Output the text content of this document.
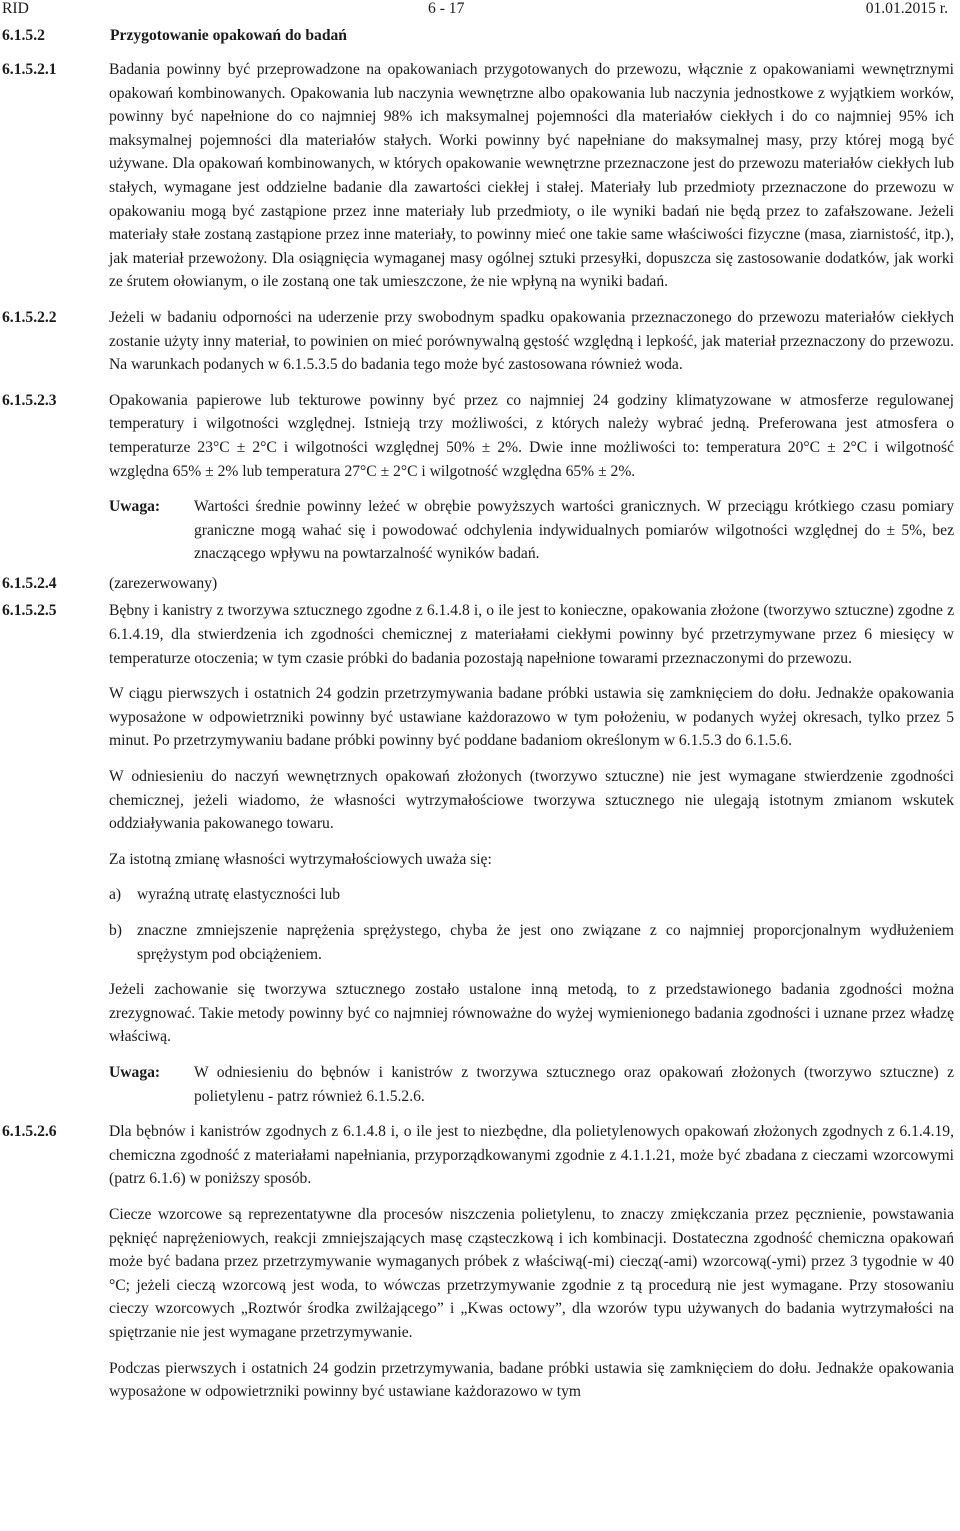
RID	6 - 17	01.01.2015 r.
6.1.5.2	Przygotowanie opakowań do badań
6.1.5.2.1	Badania powinny być przeprowadzone na opakowaniach przygotowanych do przewozu, włącznie z opakowaniami wewnętrznymi opakowań kombinowanych. Opakowania lub naczynia wewnętrzne albo opakowania lub naczynia jednostkowe z wyjątkiem worków, powinny być napełnione do co najmniej 98% ich maksymalnej pojemności dla materiałów ciekłych i do co najmniej 95% ich maksymalnej pojemności dla materiałów stałych. Worki powinny być napełniane do maksymalnej masy, przy której mogą być używane. Dla opakowań kombinowanych, w których opakowanie wewnętrzne przeznaczone jest do przewozu materiałów ciekłych lub stałych, wymagane jest oddzielne badanie dla zawartości ciekłej i stałej. Materiały lub przedmioty przeznaczone do przewozu w opakowaniu mogą być zastąpione przez inne materiały lub przedmioty, o ile wyniki badań nie będą przez to zafałszowane. Jeżeli materiały stałe zostaną zastąpione przez inne materiały, to powinny mieć one takie same właściwości fizyczne (masa, ziarnistość, itp.), jak materiał przewożony. Dla osiągnięcia wymaganej masy ogólnej sztuki przesyłki, dopuszcza się zastosowanie dodatków, jak worki ze śrutem ołowianym, o ile zostaną one tak umieszczone, że nie wpłyną na wyniki badań.

6.1.5.2.2	Jeżeli w badaniu odporności na uderzenie przy swobodnym spadku opakowania przeznaczonego do przewozu materiałów ciekłych zostanie użyty inny materiał, to powinien on mieć porównywalną gęstość względną i lepkość, jak materiał przeznaczony do przewozu. Na warunkach podanych w 6.1.5.3.5 do badania tego może być zastosowana również woda.

6.1.5.2.3	Opakowania papierowe lub tekturowe powinny być przez co najmniej 24 godziny klimatyzowane w atmosferze regulowanej temperatury i wilgotności względnej. Istnieją trzy możliwości, z których należy wybrać jedną. Preferowana jest atmosfera o temperaturze 23°C ± 2°C i wilgotności względnej 50% ± 2%. Dwie inne możliwości to: temperatura 20°C ± 2°C i wilgotność względna 65% ± 2% lub temperatura 27°C ± 2°C i wilgotność względna 65% ± 2%.

Uwaga:	Wartości średnie powinny leżeć w obrębie powyższych wartości granicznych. W przeciągu krótkiego czasu pomiary graniczne mogą wahać się i powodować odchylenia indywidualnych pomiarów wilgotności względnej do ± 5%, bez znaczącego wpływu na powtarzalność wyników badań.
6.1.5.2.4	(zarezerwowany)

6.1.5.2.5	Bębny i kanistry z tworzywa sztucznego zgodne z 6.1.4.8 i, o ile jest to konieczne, opakowania złożone (tworzywo sztuczne) zgodne z 6.1.4.19, dla stwierdzenia ich zgodności chemicznej z materiałami ciekłymi powinny być przetrzymywane przez 6 miesięcy w temperaturze otoczenia; w tym czasie próbki do badania pozostają napełnione towarami przeznaczonymi do przewozu.

W ciągu pierwszych i ostatnich 24 godzin przetrzymywania badane próbki ustawia się zamknięciem do dołu. Jednakże opakowania wyposażone w odpowietrzniki powinny być ustawiane każdorazowo w tym położeniu, w podanych wyżej okresach, tylko przez 5 minut. Po przetrzymywaniu badane próbki powinny być poddane badaniom określonym w 6.1.5.3 do 6.1.5.6.

W odniesieniu do naczyń wewnętrznych opakowań złożonych (tworzywo sztuczne) nie jest wymagane stwierdzenie zgodności chemicznej, jeżeli wiadomo, że własności wytrzymałościowe tworzywa sztucznego nie ulegają istotnym zmianom wskutek oddziaływania pakowanego towaru.

Za istotną zmianę własności wytrzymałościowych uważa się:

a)	wyraźną utratę elastyczności lub
b) znaczne zmniejszenie naprężenia sprężystego, chyba że jest ono związane z co najmniej proporcjonalnym wydłużeniem sprężystym pod obciążeniem.

Jeżeli zachowanie się tworzywa sztucznego zostało ustalone inną metodą, to z przedstawionego badania zgodności można zrezygnować. Takie metody powinny być co najmniej równoważne do wyżej wymienionego badania zgodności i uznane przez władzę właściwą.

Uwaga:	W odniesieniu do bębnów i kanistrów z tworzywa sztucznego oraz opakowań złożonych (tworzywo sztuczne) z polietylenu - patrz również 6.1.5.2.6.
6.1.5.2.6	Dla bębnów i kanistrów zgodnych z 6.1.4.8 i, o ile jest to niezbędne, dla polietylenowych opakowań złożonych zgodnych z 6.1.4.19, chemiczna zgodność z materiałami napełniania, przyporządkowanymi zgodnie z 4.1.1.21, może być zbadana z cieczami wzorcowymi (patrz 6.1.6) w poniższy sposób.

Ciecze wzorcowe są reprezentatywne dla procesów niszczenia polietylenu, to znaczy zmiękczania przez pęcznienie, powstawania pęknięć naprężeniowych, reakcji zmniejszających masę cząsteczkową i ich kombinacji. Dostateczna zgodność chemiczna opakowań może być badana przez przetrzymywanie wymaganych próbek z właściwą(-mi) cieczą(-ami) wzorcową(-ymi) przez 3 tygodnie w 40 °C; jeżeli cieczą wzorcową jest woda, to wówczas przetrzymywanie zgodnie z tą procedurą nie jest wymagane. Przy stosowaniu cieczy wzorcowych „Roztwór środka zwilżającego” i „Kwas octowy”, dla wzorów typu używanych do badania wytrzymałości na spiętrzanie nie jest wymagane przetrzymywanie.

Podczas pierwszych i ostatnich 24 godzin przetrzymywania, badane próbki ustawia się zamknięciem do dołu. Jednakże opakowania wyposażone w odpowietrzniki powinny być ustawiane każdorazowo w tym
